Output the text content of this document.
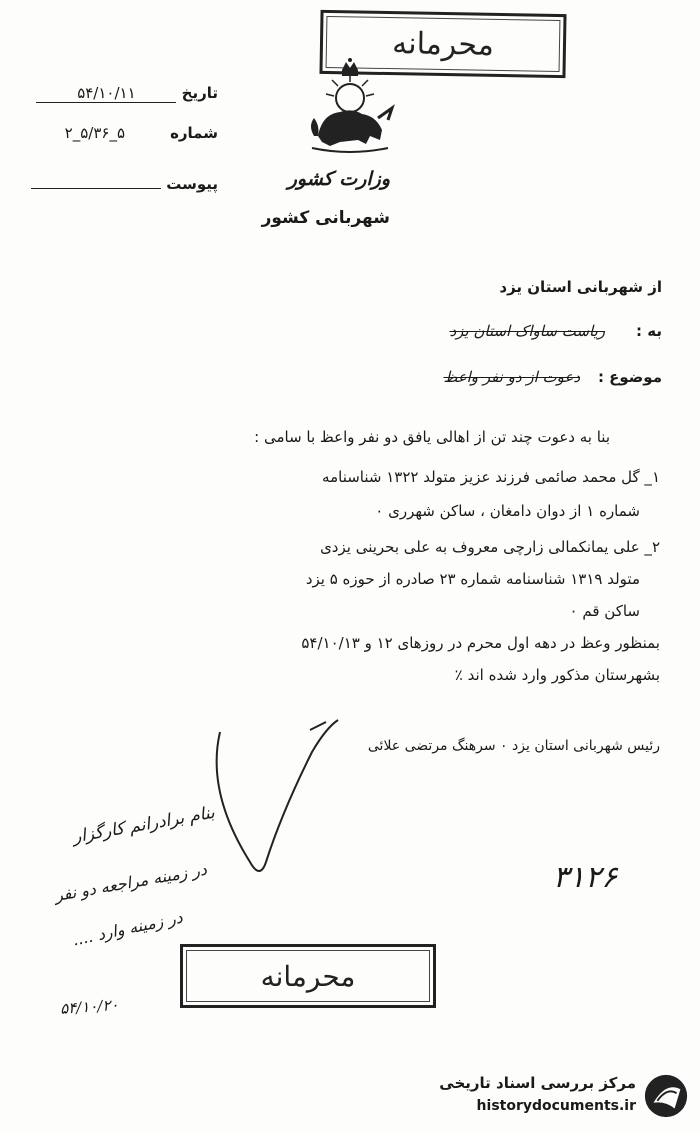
محرمانه
تاریخ ۵۴/۱۰/۱۱
شماره ۵_۵/۳۶_۲
پیوست	وزارت کشور
شهربانی کشور
از شهربانی استان یزد
به :
ریاست ساواک استان یزد
موضوع :
دعوت از دو نفر واعظ
بنا به دعوت چند تن از اهالی یافق دو نفر واعظ با سامی :
۱_ گل محمد صائمی فرزند عزیز متولد ۱۳۲۲ شناسنامه
شماره ۱ از دوان دامغان ، ساکن شهرری ۰
۲_ علی یمانکمالی زارچی معروف به علی بحرینی یزدی
متولد ۱۳۱۹ شناسنامه شماره ۲۳ صادره از حوزه ۵ یزد
ساکن قم ۰
بمنظور وعظ در دهه اول محرم در روزهای ۱۲ و ۵۴/۱۰/۱۳
بشهرستان مذکور وارد شده اند ٪
رئیس شهربانی استان یزد ۰ سرهنگ مرتضی علائی
بنام برادرانم کارگزار
در زمینه مراجعه دو نفر
در زمینه وارد ....
۵۴/۱۰/۲۰
۳۱۲۶
محرمانه
مرکز بررسی اسناد تاریخی
historydocuments.ir
